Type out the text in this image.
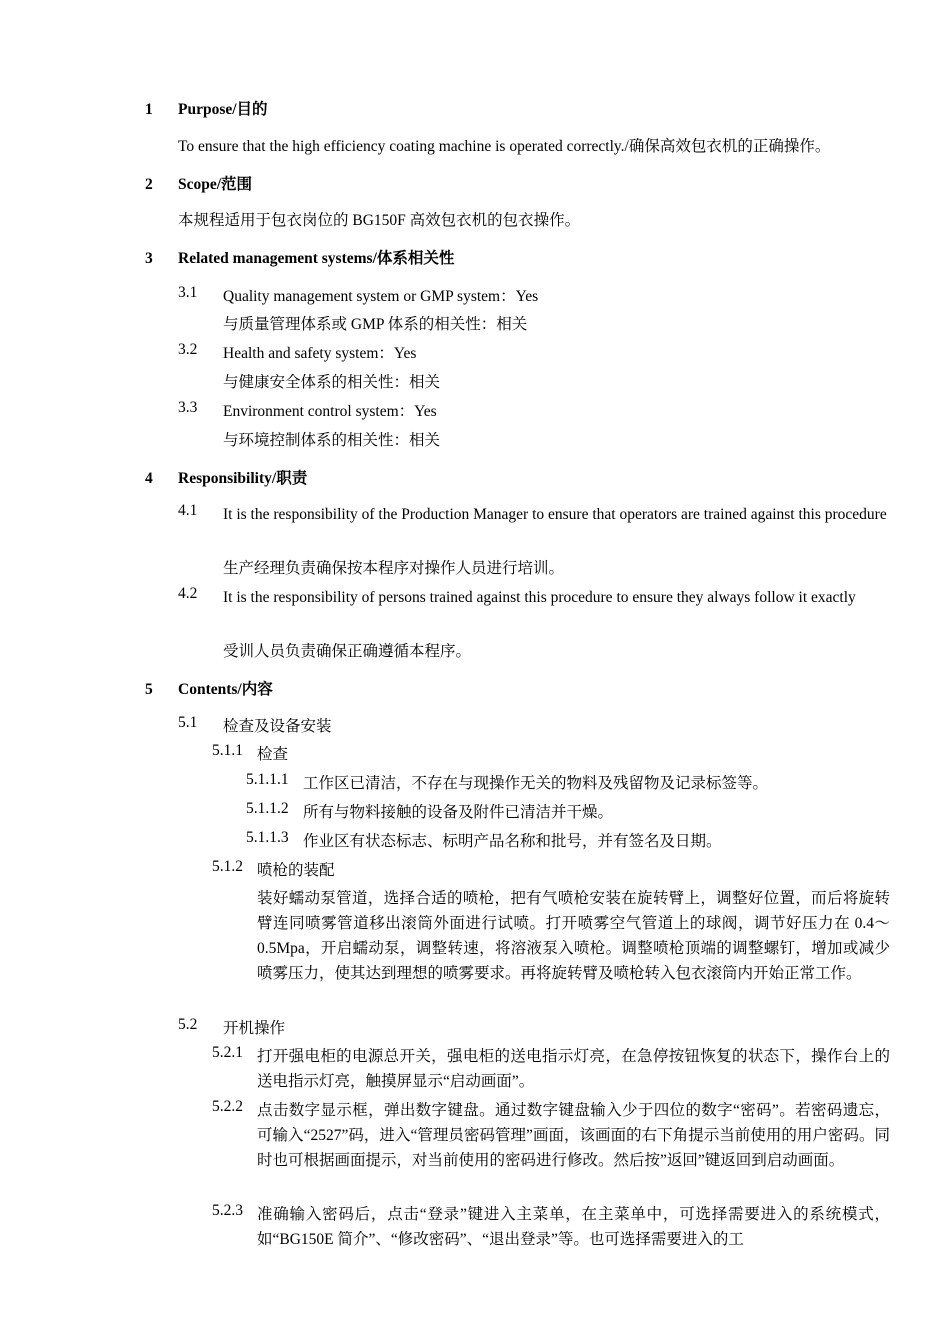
1 Purpose/目的
To ensure that the high efficiency coating machine is operated correctly./确保高效包衣机的正确操作。
2 Scope/范围
本规程适用于包衣岗位的 BG150F 高效包衣机的包衣操作。
3 Related management systems/体系相关性
3.1 Quality management system or GMP system：Yes
与质量管理体系或 GMP 体系的相关性：相关
3.2 Health and safety system：Yes
与健康安全体系的相关性：相关
3.3 Environment control system：Yes
与环境控制体系的相关性：相关
4 Responsibility/职责
4.1 It is the responsibility of the Production Manager to ensure that operators are trained against this procedure
生产经理负责确保按本程序对操作人员进行培训。
4.2 It is the responsibility of persons trained against this procedure to ensure they always follow it exactly
受训人员负责确保正确遵循本程序。
5 Contents/内容
5.1 检查及设备安装
5.1.1 检查
5.1.1.1 工作区已清洁，不存在与现操作无关的物料及残留物及记录标签等。
5.1.1.2 所有与物料接触的设备及附件已清洁并干燥。
5.1.1.3 作业区有状态标志、标明产品名称和批号，并有签名及日期。
5.1.2 喷枪的装配
装好蠕动泵管道，选择合适的喷枪，把有气喷枪安装在旋转臂上，调整好位置，而后将旋转臂连同喷雾管道移出滚筒外面进行试喷。打开喷雾空气管道上的球阀，调节好压力在 0.4～0.5Mpa，开启蠕动泵，调整转速，将溶液泵入喷枪。调整喷枪顶端的调整螺钉，增加或减少喷雾压力，使其达到理想的喷雾要求。再将旋转臂及喷枪转入包衣滚筒内开始正常工作。
5.2 开机操作
5.2.1 打开强电柜的电源总开关，强电柜的送电指示灯亮，在急停按钮恢复的状态下，操作台上的送电指示灯亮，触摸屏显示“启动画面”。
5.2.2 点击数字显示框，弹出数字键盘。通过数字键盘输入少于四位的数字“密码”。若密码遗忘，可输入“2527”码，进入“管理员密码管理”画面，该画面的右下角提示当前使用的用户密码。同时也可根据画面提示，对当前使用的密码进行修改。然后按”返回”键返回到启动画面。
5.2.3 准确输入密码后，点击“登录”键进入主菜单，在主菜单中，可选择需要进入的系统模式，如“BG150E 简介”、“修改密码”、“退出登录”等。也可选择需要进入的工
